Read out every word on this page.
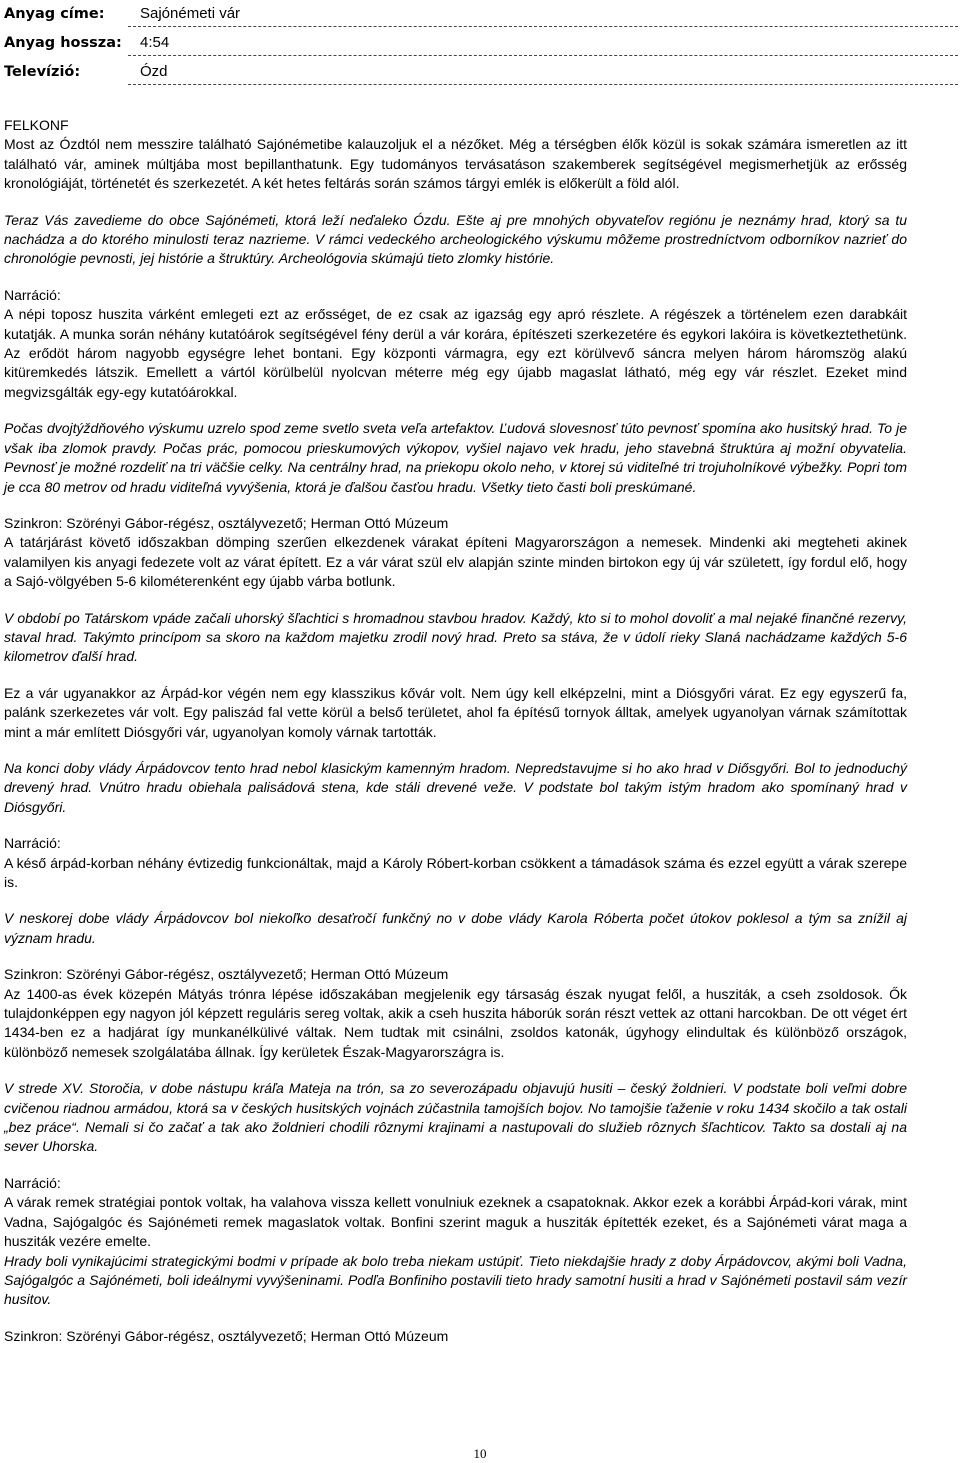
Anyag címe: Sajónémeti vár
Anyag hossza: 4:54
Televízió:	Ózd

FELKONF
Most az Ózdtól nem messzire található Sajónémetibe kalauzoljuk el a nézőket. Még a térségben élők közül is sokak számára ismeretlen az itt található vár, aminek múltjába most bepillanthatunk. Egy tudományos tervásatáson szakemberek segítségével megismerhetjük az erősség kronológiáját, történetét és szerkezetét. A két hetes feltárás során számos tárgyi emlék is előkerült a föld alól.

Teraz Vás zavedieme do obce Sajónémeti, ktorá leží neďaleko Ózdu. Ešte aj pre mnohých obyvateľov regiónu je neznámy hrad, ktorý sa tu nachádza a do ktorého minulosti teraz nazrieme. V rámci vedeckého archeologického výskumu môžeme prostredníctvom odborníkov nazrieť do chronológie pevnosti, jej histórie a štruktúry. Archeológovia skúmajú tieto zlomky histórie.

Narráció:
A népi toposz huszita várként emlegeti ezt az erősséget, de ez csak az igazság egy apró részlete. A régészek a történelem ezen darabkáit kutatják. A munka során néhány kutatóárok segítségével fény derül a vár korára, építészeti szerkezetére és egykori lakóira is következtethetünk. Az erődöt három nagyobb egységre lehet bontani. Egy központi vármagra, egy ezt körülvevő sáncra melyen három háromszög alakú kitüremkedés látszik. Emellett a vártól körülbelül nyolcvan méterre még egy újabb magaslat látható, még egy vár részlet. Ezeket mind megvizsgálták egy-egy kutatóárokkal.

Počas dvojtýždňového výskumu uzrelo spod zeme svetlo sveta veľa artefaktov. Ľudová slovesnosť túto pevnosť spomína ako husitský hrad. To je však iba zlomok pravdy. Počas prác, pomocou prieskumových výkopov, vyšiel najavo vek hradu, jeho stavebná štruktúra aj možní obyvatelia. Pevnosť je možné rozdeliť na tri väčšie celky. Na centrálny hrad, na priekopu okolo neho, v ktorej sú viditeľné tri trojuholníkové výbežky. Popri tom je cca 80 metrov od hradu viditeľná vyvýšenia, ktorá je ďalšou časťou hradu. Všetky tieto časti boli preskúmané.

Szinkron: Szörényi Gábor-régész, osztályvezető; Herman Ottó Múzeum
A tatárjárást követő időszakban dömping szerűen elkezdenek várakat építeni Magyarországon a nemesek. Mindenki aki megteheti akinek valamilyen kis anyagi fedezete volt az várat épített. Ez a vár várat szül elv alapján szinte minden birtokon egy új vár született, így fordul elő, hogy a Sajó-völgyében 5-6 kilométerenként egy újabb várba botlunk.

V období po Tatárskom vpáde začali uhorský šľachtici s hromadnou stavbou hradov. Každý, kto si to mohol dovoliť a mal nejaké finančné rezervy, staval hrad. Takýmto princípom sa skoro na každom majetku zrodil nový hrad. Preto sa stáva, že v údolí rieky Slaná nachádzame každých 5-6 kilometrov ďalší hrad.

Ez a vár ugyanakkor az Árpád-kor végén nem egy klasszikus kővár volt. Nem úgy kell elképzelni, mint a Diósgyőri várat. Ez egy egyszerű fa, palánk szerkezetes vár volt. Egy paliszád fal vette körül a belső területet, ahol fa építésű tornyok álltak, amelyek ugyanolyan várnak számítottak mint a már említett Diósgyőri vár, ugyanolyan komoly várnak tartották.

Na konci doby vlády Árpádovcov tento hrad nebol klasickým kamenným hradom. Nepredstavujme si ho ako hrad v Diősgyőri. Bol to jednoduchý drevený hrad. Vnútro hradu obiehala palisádová stena, kde stáli drevené veže. V podstate bol takým istým hradom ako spomínaný hrad v Diósgyőri.

Narráció:
A késő árpád-korban néhány évtizedig funkcionáltak, majd a Károly Róbert-korban csökkent a támadások száma és ezzel együtt a várak szerepe is.

V neskorej dobe vlády Árpádovcov bol niekoľko desaťročí funkčný no v dobe vlády Karola Róberta počet útokov poklesol a tým sa znížil aj význam hradu.

Szinkron: Szörényi Gábor-régész, osztályvezető; Herman Ottó Múzeum
Az 1400-as évek közepén Mátyás trónra lépése időszakában megjelenik egy társaság észak nyugat felől, a husziták, a cseh zsoldosok. Ők tulajdonképpen egy nagyon jól képzett reguláris sereg voltak, akik a cseh huszita háborúk során részt vettek az ottani harcokban. De ott véget ért 1434-ben ez a hadjárat így munkanélkülivé váltak. Nem tudtak mit csinálni, zsoldos katonák, úgyhogy elindultak és különböző országok, különböző nemesek szolgálatába állnak. Így kerületek Észak-Magyarországra is.

V strede XV. Storočia, v dobe nástupu kráľa Mateja na trón, sa zo severozápadu objavujú husiti – český žoldnieri. V podstate boli veľmi dobre cvičenou riadnou armádou, ktorá sa v českých husitských vojnách zúčastnila tamojších bojov. No tamojšie ťaženie v roku 1434 skočilo a tak ostali „bez práce“. Nemali si čo začať a tak ako žoldnieri chodili rôznymi krajinami a nastupovali do služieb rôznych šľachticov. Takto sa dostali aj na sever Uhorska.

Narráció:
A várak remek stratégiai pontok voltak, ha valahova vissza kellett vonulniuk ezeknek a csapatoknak. Akkor ezek a korábbi Árpád-kori várak, mint Vadna, Sajógalgóc és Sajónémeti remek magaslatok voltak. Bonfini szerint maguk a husziták építették ezeket, és a Sajónémeti várat maga a husziták vezére emelte.

Hrady boli vynikajúcimi strategickými bodmi v prípade ak bolo treba niekam ustúpiť. Tieto niekdajšie hrady z doby Árpádovcov, akými boli Vadna, Sajógalgóc a Sajónémeti, boli ideálnymi vyvýšeninami. Podľa Bonfiniho postavili tieto hrady samotní husiti a hrad v Sajónémeti postavil sám vezír husitov.

Szinkron: Szörényi Gábor-régész, osztályvezető; Herman Ottó Múzeum

10
